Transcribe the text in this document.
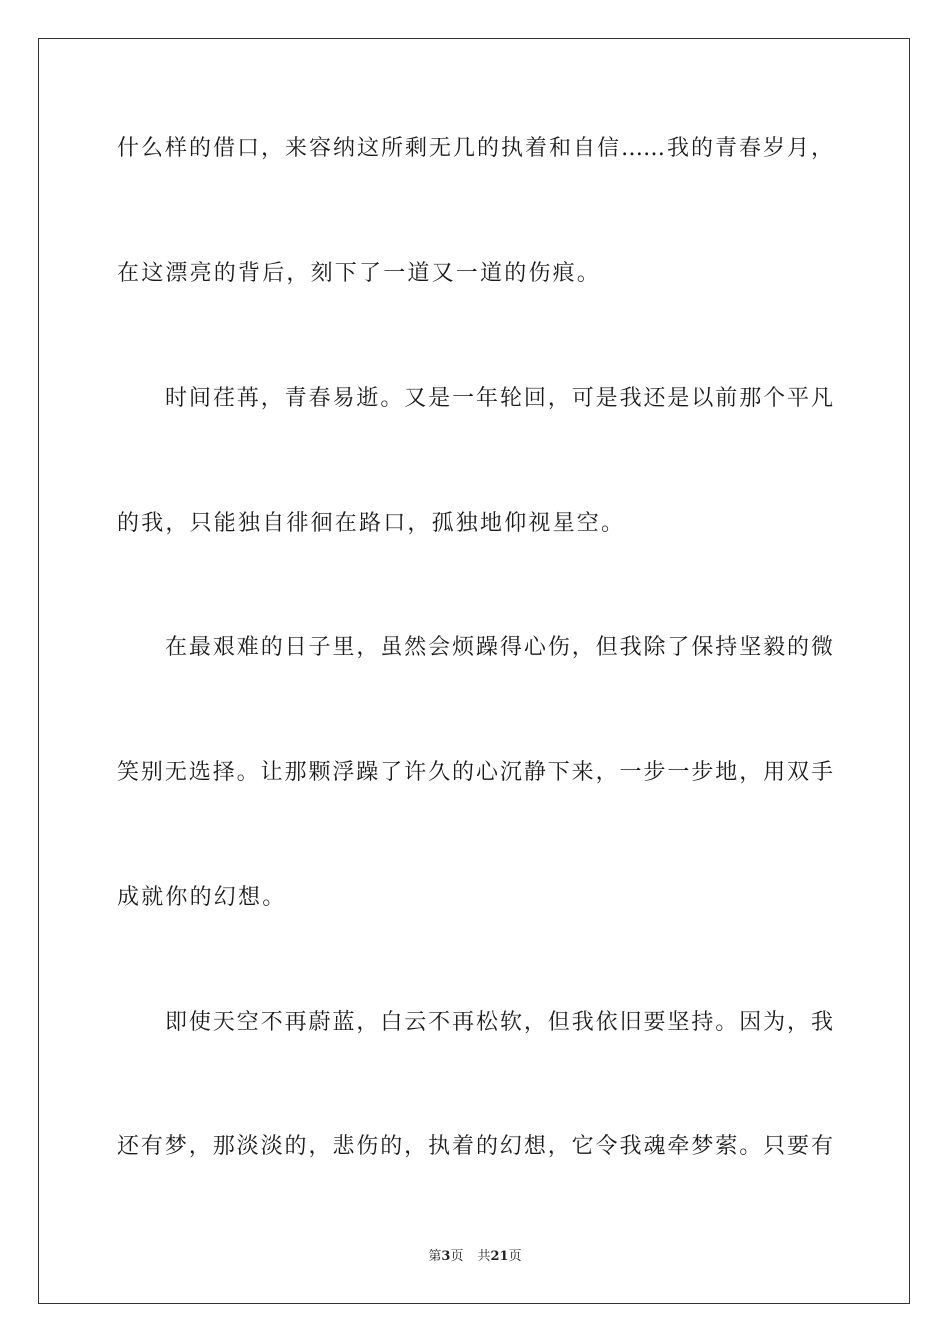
什么样的借口，来容纳这所剩无几的执着和自信……我的青春岁月，
在这漂亮的背后，刻下了一道又一道的伤痕。
时间荏苒，青春易逝。又是一年轮回，可是我还是以前那个平凡
的我，只能独自徘徊在路口，孤独地仰视星空。
在最艰难的日子里，虽然会烦躁得心伤，但我除了保持坚毅的微
笑别无选择。让那颗浮躁了许久的心沉静下来，一步一步地，用双手
成就你的幻想。
即使天空不再蔚蓝，白云不再松软，但我依旧要坚持。因为，我
还有梦，那淡淡的，悲伤的，执着的幻想，它令我魂牵梦萦。只要有
第3页 共21页
